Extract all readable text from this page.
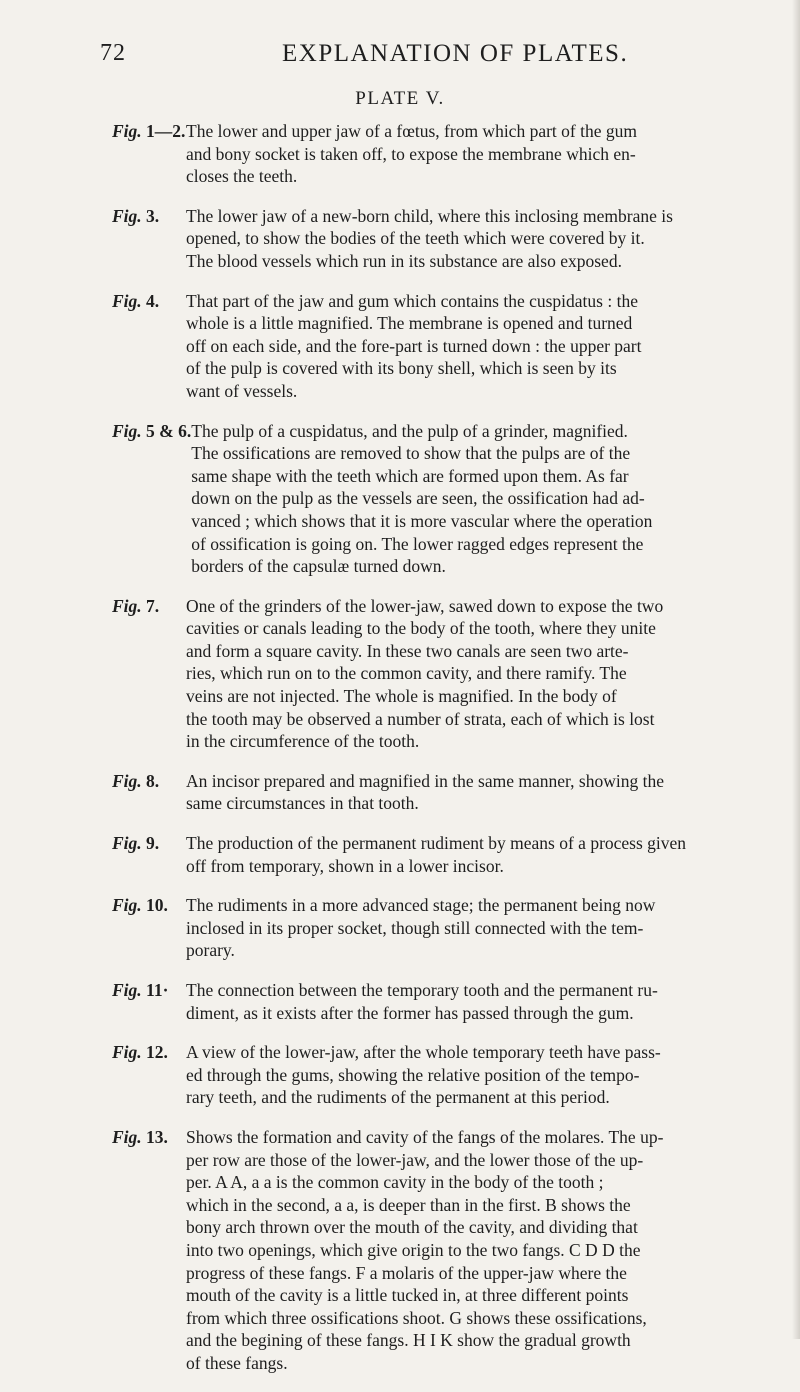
72	EXPLANATION OF PLATES.
PLATE V.
Fig. 1—2. The lower and upper jaw of a fœtus, from which part of the gum
and bony socket is taken off, to expose the membrane which en-
closes the teeth.
Fig. 3.	The lower jaw of a new-born child, where this inclosing membrane is
opened, to show the bodies of the teeth which were covered by it.
The blood vessels which run in its substance are also exposed.
Fig. 4.	That part of the jaw and gum which contains the cuspidatus : the
whole is a little magnified. The membrane is opened and turned
off on each side, and the fore-part is turned down : the upper part
of the pulp is covered with its bony shell, which is seen by its
want of vessels.
Fig. 5 & 6. The pulp of a cuspidatus, and the pulp of a grinder, magnified.
The ossifications are removed to show that the pulps are of the
same shape with the teeth which are formed upon them. As far
down on the pulp as the vessels are seen, the ossification had ad-
vanced ; which shows that it is more vascular where the operation
of ossification is going on. The lower ragged edges represent the
borders of the capsulæ turned down.
Fig. 7.	One of the grinders of the lower-jaw, sawed down to expose the two
cavities or canals leading to the body of the tooth, where they unite
and form a square cavity. In these two canals are seen two arte-
ries, which run on to the common cavity, and there ramify. The
veins are not injected. The whole is magnified. In the body of
the tooth may be observed a number of strata, each of which is lost
in the circumference of the tooth.
Fig. 8.	An incisor prepared and magnified in the same manner, showing the
same circumstances in that tooth.
Fig. 9.	The production of the permanent rudiment by means of a process given
off from temporary, shown in a lower incisor.
Fig. 10.	The rudiments in a more advanced stage; the permanent being now
inclosed in its proper socket, though still connected with the tem-
porary.
Fig. 11·	The connection between the temporary tooth and the permanent ru-
diment, as it exists after the former has passed through the gum.
Fig. 12.	A view of the lower-jaw, after the whole temporary teeth have pass-
ed through the gums, showing the relative position of the tempo-
rary teeth, and the rudiments of the permanent at this period.
Fig. 13.	Shows the formation and cavity of the fangs of the molares. The up-
per row are those of the lower-jaw, and the lower those of the up-
per. A A, a a is the common cavity in the body of the tooth ;
which in the second, a a, is deeper than in the first. B shows the
bony arch thrown over the mouth of the cavity, and dividing that
into two openings, which give origin to the two fangs. C D D the
progress of these fangs. F a molaris of the upper-jaw where the
mouth of the cavity is a little tucked in, at three different points
from which three ossifications shoot. G shows these ossifications,
and the begining of these fangs. H I K show the gradual growth
of these fangs.
